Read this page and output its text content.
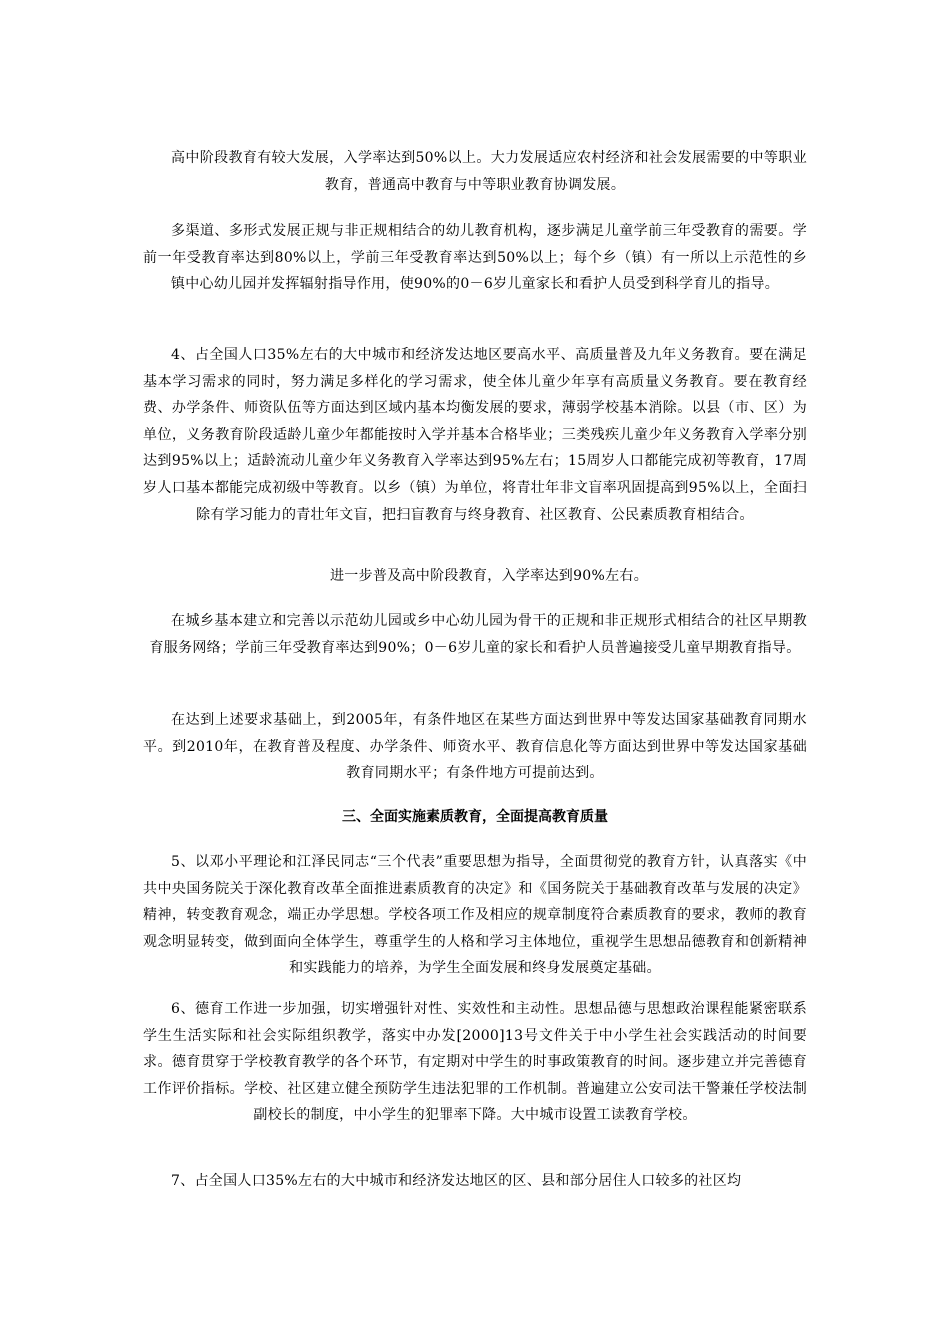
高中阶段教育有较大发展，入学率达到50%以上。大力发展适应农村经济和社会发展需要的中等职业教育，普通高中教育与中等职业教育协调发展。

多渠道、多形式发展正规与非正规相结合的幼儿教育机构，逐步满足儿童学前三年受教育的需要。学前一年受教育率达到80%以上，学前三年受教育率达到50%以上；每个乡（镇）有一所以上示范性的乡镇中心幼儿园并发挥辐射指导作用，使90%的0－6岁儿童家长和看护人员受到科学育儿的指导。

4、占全国人口35%左右的大中城市和经济发达地区要高水平、高质量普及九年义务教育。要在满足基本学习需求的同时，努力满足多样化的学习需求，使全体儿童少年享有高质量义务教育。要在教育经费、办学条件、师资队伍等方面达到区域内基本均衡发展的要求，薄弱学校基本消除。以县（市、区）为单位，义务教育阶段适龄儿童少年都能按时入学并基本合格毕业；三类残疾儿童少年义务教育入学率分别达到95%以上；适龄流动儿童少年义务教育入学率达到95%左右；15周岁人口都能完成初等教育，17周岁人口基本都能完成初级中等教育。以乡（镇）为单位，将青壮年非文盲率巩固提高到95%以上，全面扫除有学习能力的青壮年文盲，把扫盲教育与终身教育、社区教育、公民素质教育相结合。

进一步普及高中阶段教育，入学率达到90%左右。

在城乡基本建立和完善以示范幼儿园或乡中心幼儿园为骨干的正规和非正规形式相结合的社区早期教育服务网络；学前三年受教育率达到90%；0－6岁儿童的家长和看护人员普遍接受儿童早期教育指导。

在达到上述要求基础上，到2005年，有条件地区在某些方面达到世界中等发达国家基础教育同期水平。到2010年，在教育普及程度、办学条件、师资水平、教育信息化等方面达到世界中等发达国家基础教育同期水平；有条件地方可提前达到。

三、全面实施素质教育，全面提高教育质量

5、以邓小平理论和江泽民同志“三个代表”重要思想为指导，全面贯彻党的教育方针，认真落实《中共中央国务院关于深化教育改革全面推进素质教育的决定》和《国务院关于基础教育改革与发展的决定》精神，转变教育观念，端正办学思想。学校各项工作及相应的规章制度符合素质教育的要求，教师的教育观念明显转变，做到面向全体学生，尊重学生的人格和学习主体地位，重视学生思想品德教育和创新精神和实践能力的培养，为学生全面发展和终身发展奠定基础。

6、德育工作进一步加强，切实增强针对性、实效性和主动性。思想品德与思想政治课程能紧密联系学生生活实际和社会实际组织教学，落实中办发[2000]13号文件关于中小学生社会实践活动的时间要求。德育贯穿于学校教育教学的各个环节，有定期对中学生的时事政策教育的时间。逐步建立并完善德育工作评价指标。学校、社区建立健全预防学生违法犯罪的工作机制。普遍建立公安司法干警兼任学校法制副校长的制度，中小学生的犯罪率下降。大中城市设置工读教育学校。

7、占全国人口35%左右的大中城市和经济发达地区的区、县和部分居住人口较多的社区均
